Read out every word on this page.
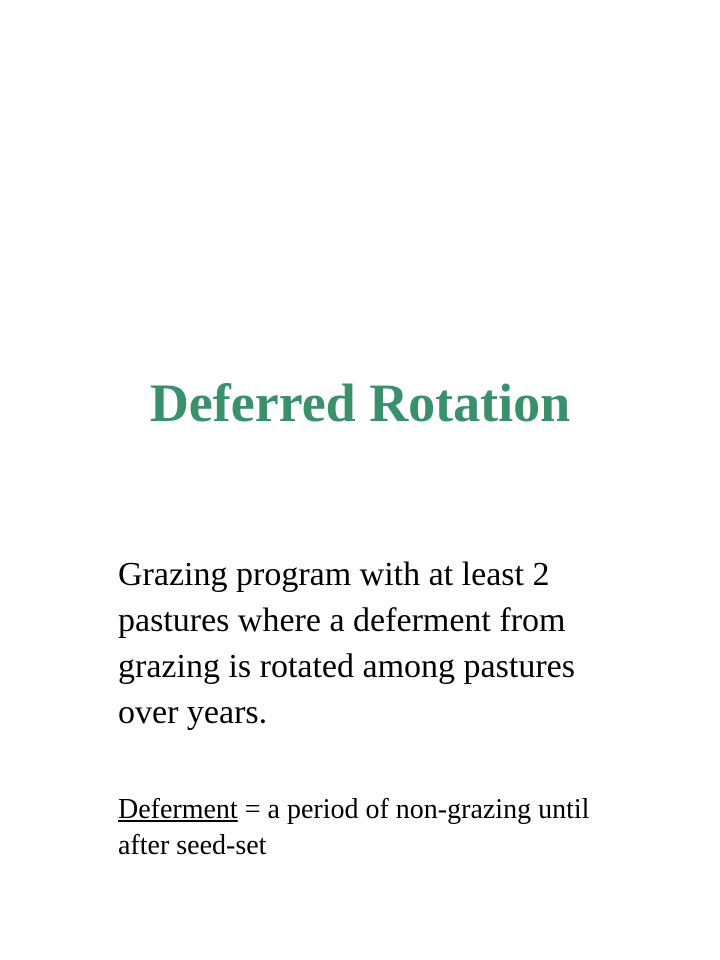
Deferred Rotation

Grazing program with at least 2 pastures where a deferment from grazing is rotated among pastures over years.

Deferment = a period of non-grazing until after seed-set
